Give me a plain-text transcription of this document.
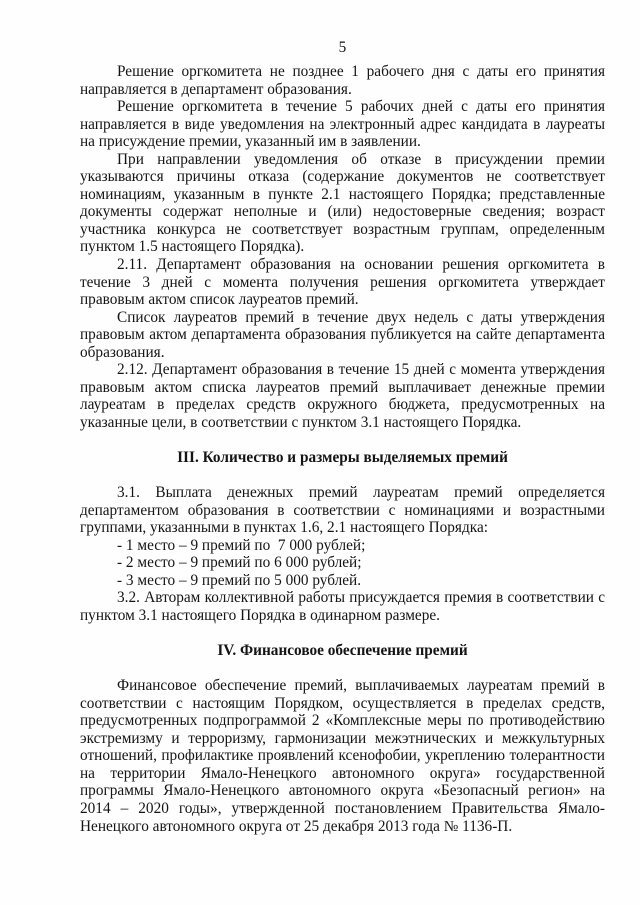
5

Решение оргкомитета не позднее 1 рабочего дня с даты его принятия направляется в департамент образования.

Решение оргкомитета в течение 5 рабочих дней с даты его принятия направляется в виде уведомления на электронный адрес кандидата в лауреаты на присуждение премии, указанный им в заявлении.

При направлении уведомления об отказе в присуждении премии указываются причины отказа (содержание документов не соответствует номинациям, указанным в пункте 2.1 настоящего Порядка; представленные документы содержат неполные и (или) недостоверные сведения; возраст участника конкурса не соответствует возрастным группам, определенным пунктом 1.5 настоящего Порядка).

2.11. Департамент образования на основании решения оргкомитета в течение 3 дней с момента получения решения оргкомитета утверждает правовым актом список лауреатов премий.

Список лауреатов премий в течение двух недель с даты утверждения правовым актом департамента образования публикуется на сайте департамента образования.

2.12. Департамент образования в течение 15 дней с момента утверждения правовым актом списка лауреатов премий выплачивает денежные премии лауреатам в пределах средств окружного бюджета, предусмотренных на указанные цели, в соответствии с пунктом 3.1 настоящего Порядка.

III. Количество и размеры выделяемых премий

3.1. Выплата денежных премий лауреатам премий определяется департаментом образования в соответствии с номинациями и возрастными группами, указанными в пунктах 1.6, 2.1 настоящего Порядка:

- 1 место – 9 премий по  7 000 рублей;

- 2 место – 9 премий по 6 000 рублей;

- 3 место – 9 премий по 5 000 рублей.

3.2. Авторам коллективной работы присуждается премия в соответствии с пунктом 3.1 настоящего Порядка в одинарном размере.

IV. Финансовое обеспечение премий

Финансовое обеспечение премий, выплачиваемых лауреатам премий в соответствии с настоящим Порядком, осуществляется в пределах средств, предусмотренных подпрограммой 2 «Комплексные меры по противодействию экстремизму и терроризму, гармонизации межэтнических и межкультурных отношений, профилактике проявлений ксенофобии, укреплению толерантности на территории Ямало-Ненецкого автономного округа» государственной программы Ямало-Ненецкого автономного округа «Безопасный регион» на 2014 – 2020 годы», утвержденной постановлением Правительства Ямало-Ненецкого автономного округа от 25 декабря 2013 года № 1136-П.
